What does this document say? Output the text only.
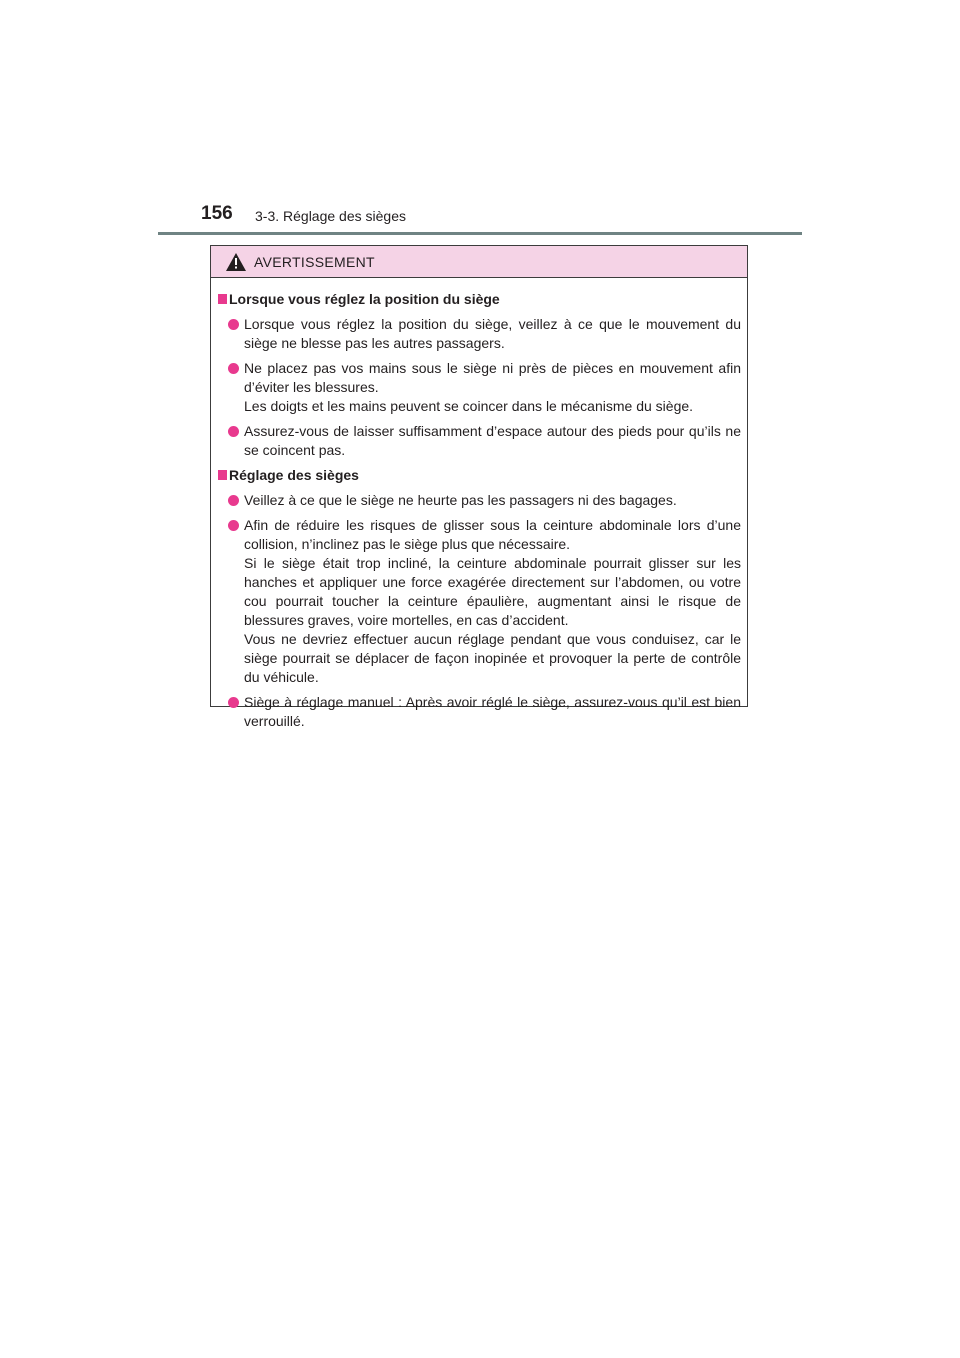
156 3-3. Réglage des sièges
AVERTISSEMENT
Lorsque vous réglez la position du siège

Lorsque vous réglez la position du siège, veillez à ce que le mouvement du siège ne blesse pas les autres passagers.

Ne placez pas vos mains sous le siège ni près de pièces en mouvement afin d’éviter les blessures.

Les doigts et les mains peuvent se coincer dans le mécanisme du siège.

Assurez-vous de laisser suffisamment d’espace autour des pieds pour qu’ils ne se coincent pas.

Réglage des sièges

Veillez à ce que le siège ne heurte pas les passagers ni des bagages.

Afin de réduire les risques de glisser sous la ceinture abdominale lors d’une collision, n’inclinez pas le siège plus que nécessaire.

Si le siège était trop incliné, la ceinture abdominale pourrait glisser sur les hanches et appliquer une force exagérée directement sur l’abdomen, ou votre cou pourrait toucher la ceinture épaulière, augmentant ainsi le risque de blessures graves, voire mortelles, en cas d’accident.

Vous ne devriez effectuer aucun réglage pendant que vous conduisez, car le siège pourrait se déplacer de façon inopinée et provoquer la perte de contrôle du véhicule.

Siège à réglage manuel : Après avoir réglé le siège, assurez-vous qu’il est bien verrouillé.
